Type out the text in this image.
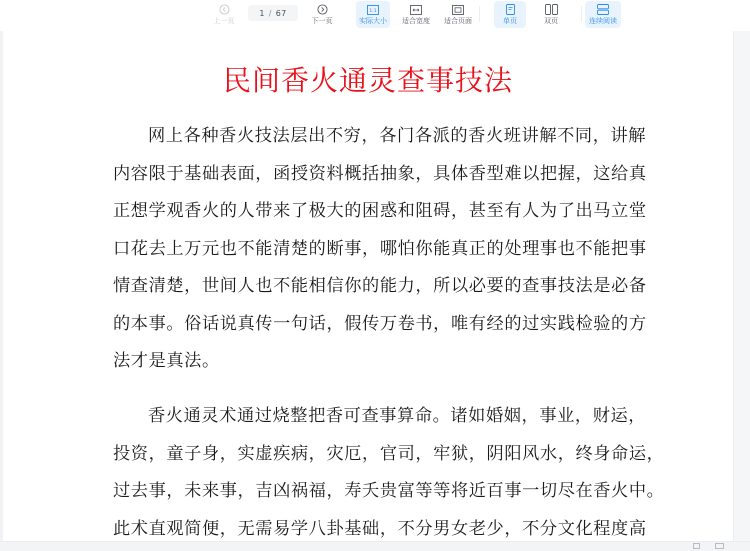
上一页
1 / 67
下一页
1:1
实际大小 适合宽度 适合页面	单页	双页	连续阅读
民间香火通灵查事技法
网上各种香火技法层出不穷，各门各派的香火班讲解不同，讲解
内容限于基础表面，函授资料概括抽象，具体香型难以把握，这给真
正想学观香火的人带来了极大的困惑和阻碍，甚至有人为了出马立堂
口花去上万元也不能清楚的断事，哪怕你能真正的处理事也不能把事
情查清楚，世间人也不能相信你的能力，所以必要的查事技法是必备
的本事。俗话说真传一句话，假传万卷书，唯有经的过实践检验的方
法才是真法。
香火通灵术通过烧整把香可查事算命。诸如婚姻，事业，财运，
投资，童子身，实虚疾病，灾厄，官司，牢狱，阴阳风水，终身命运，
过去事，未来事，吉凶祸福，寿夭贵富等等将近百事一切尽在香火中。
此术直观简便，无需易学八卦基础，不分男女老少，不分文化程度高
